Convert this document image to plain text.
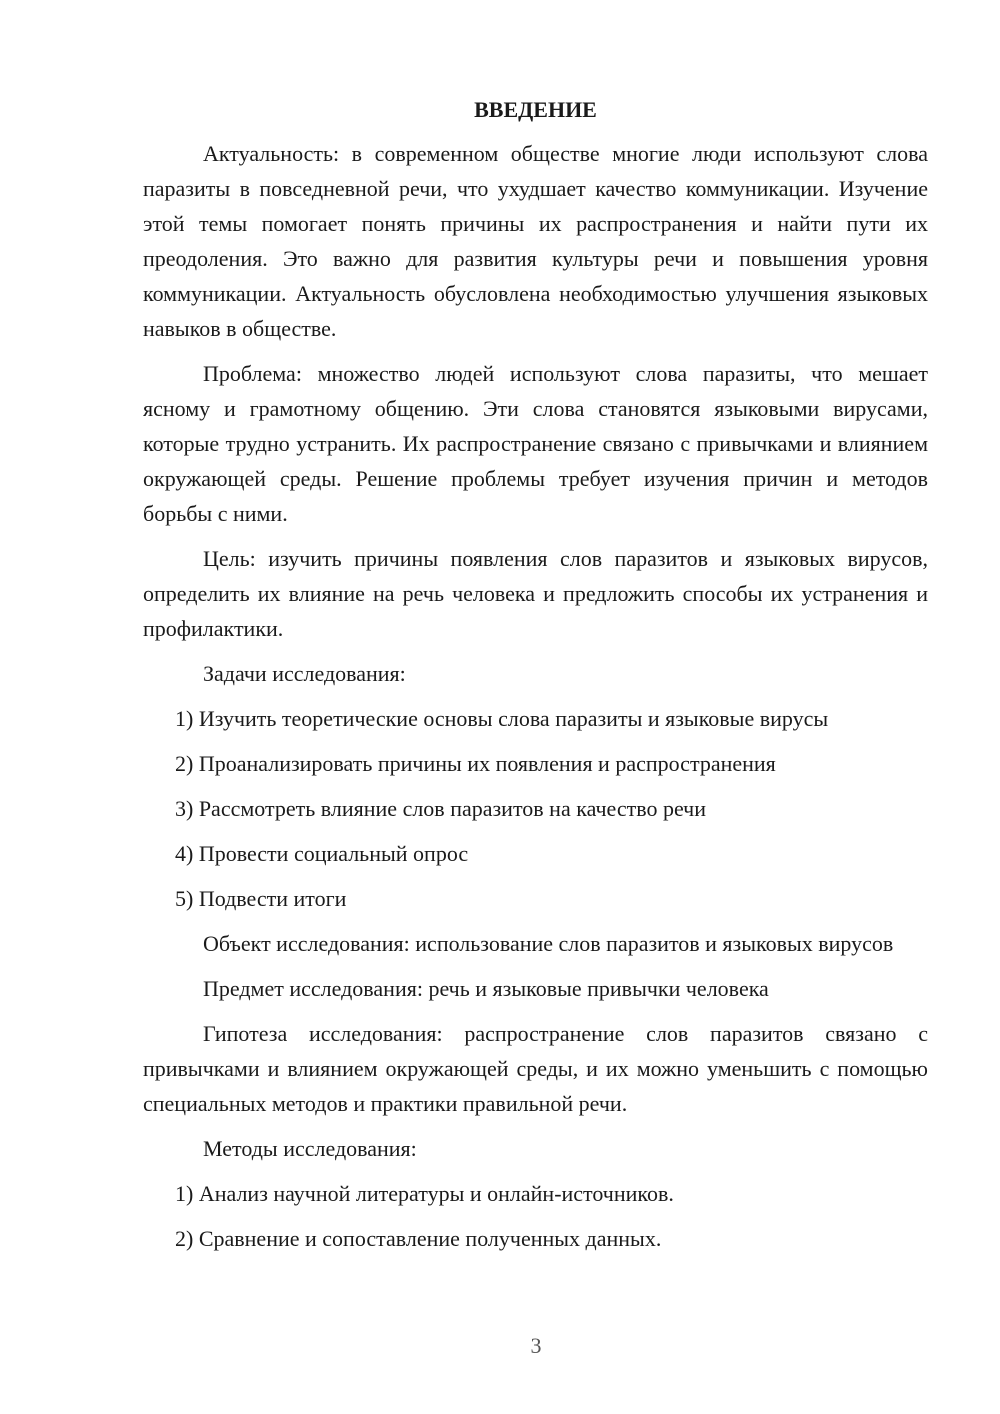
ВВЕДЕНИЕ

Актуальность: в современном обществе многие люди используют слова паразиты в повседневной речи, что ухудшает качество коммуникации. Изучение этой темы помогает понять причины их распространения и найти пути их преодоления. Это важно для развития культуры речи и повышения уровня коммуникации. Актуальность обусловлена необходимостью улучшения языковых навыков в обществе.

Проблема: множество людей используют слова паразиты, что мешает ясному и грамотному общению. Эти слова становятся языковыми вирусами, которые трудно устранить. Их распространение связано с привычками и влиянием окружающей среды. Решение проблемы требует изучения причин и методов борьбы с ними.

Цель: изучить причины появления слов паразитов и языковых вирусов, определить их влияние на речь человека и предложить способы их устранения и профилактики.

Задачи исследования:

1) Изучить теоретические основы слова паразиты и языковые вирусы

2) Проанализировать причины их появления и распространения

3) Рассмотреть влияние слов паразитов на качество речи

4) Провести социальный опрос

5) Подвести итоги

Объект исследования: использование слов паразитов и языковых вирусов

Предмет исследования: речь и языковые привычки человека

Гипотеза исследования: распространение слов паразитов связано с привычками и влиянием окружающей среды, и их можно уменьшить с помощью специальных методов и практики правильной речи.

Методы исследования:

1) Анализ научной литературы и онлайн-источников.

2) Сравнение и сопоставление полученных данных.

3
